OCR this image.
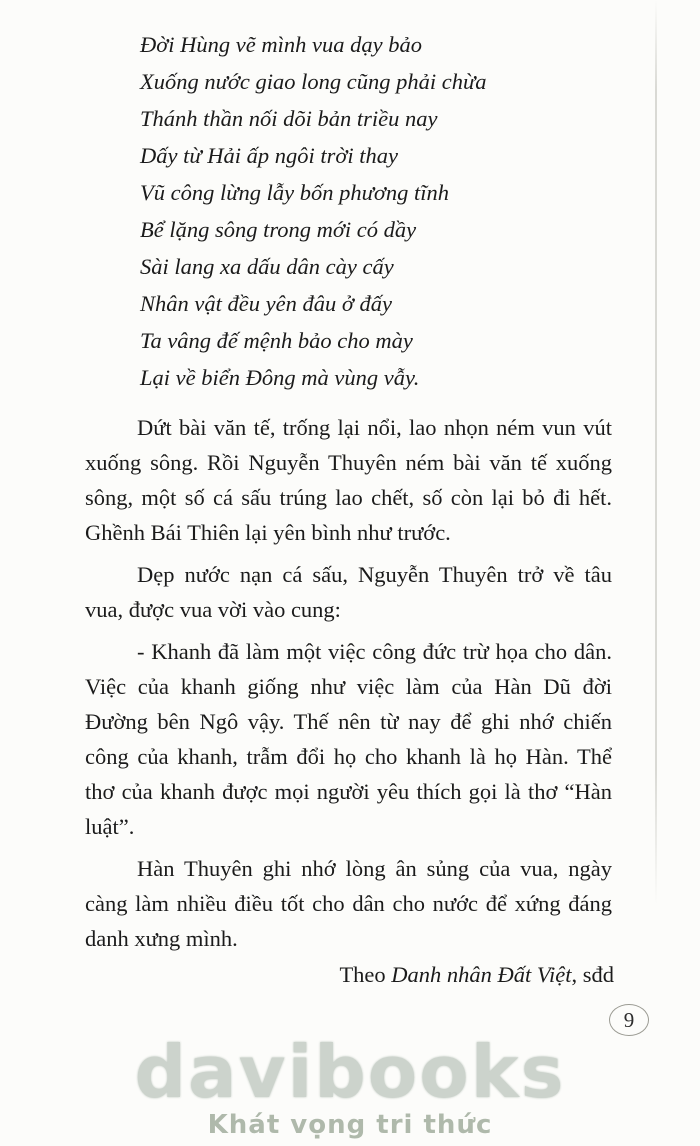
Đời Hùng vẽ mình vua dạy bảo
Xuống nước giao long cũng phải chừa
Thánh thần nối dõi bản triều nay
Dấy từ Hải ấp ngôi trời thay
Vũ công lừng lẫy bốn phương tĩnh
Bể lặng sông trong mới có dầy
Sài lang xa dấu dân cày cấy
Nhân vật đều yên đâu ở đấy
Ta vâng đế mệnh bảo cho mày
Lại về biển Đông mà vùng vẫy.

Dứt bài văn tế, trống lại nổi, lao nhọn ném vun vút xuống sông. Rồi Nguyễn Thuyên ném bài văn tế xuống sông, một số cá sấu trúng lao chết, số còn lại bỏ đi hết. Ghềnh Bái Thiên lại yên bình như trước.

Dẹp nước nạn cá sấu, Nguyễn Thuyên trở về tâu vua, được vua vời vào cung:

- Khanh đã làm một việc công đức trừ họa cho dân. Việc của khanh giống như việc làm của Hàn Dũ đời Đường bên Ngô vậy. Thế nên từ nay để ghi nhớ chiến công của khanh, trẫm đổi họ cho khanh là họ Hàn. Thể thơ của khanh được mọi người yêu thích gọi là thơ “Hàn luật”.

Hàn Thuyên ghi nhớ lòng ân sủng của vua, ngày càng làm nhiều điều tốt cho dân cho nước để xứng đáng danh xưng mình.

Theo Danh nhân Đất Việt, sđd
9
davibooks
Khát vọng tri thức
